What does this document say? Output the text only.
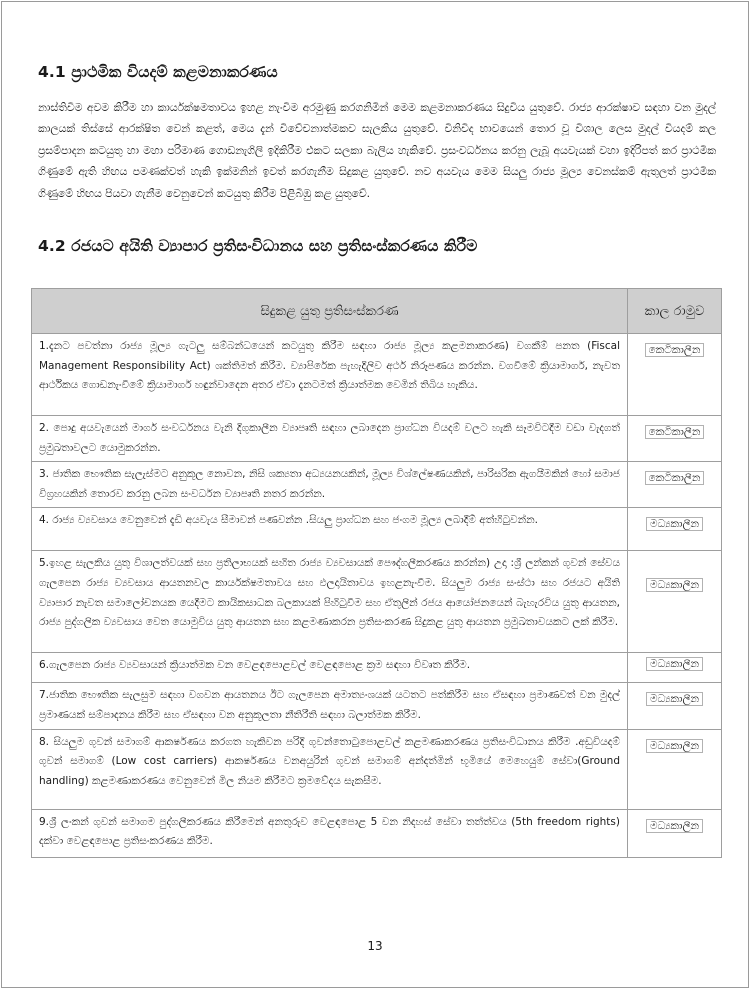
4.1 ප්‍රාථමික වියදම් කළමනාකරණය

නාස්තිවීම අවම කිරීම හා කාර්යක්ෂමතාවය ඉහළ නැංවීම අරමුණු කරගනිමින් මෙම කළමනාකරණය සිදුවිය යුතුවේ. රාජ්‍ය ආරක්ෂාව සඳහා වන මුදල් කාලයක් තිස්සේ ආරක්ෂිත වෙන් කළත්, මෙය දැන් විවේචනාත්මකව සැලකිය යුතුවේ. විනිවිද භාවයෙන් තොර වූ විශාල ලෙස මුදල් වියදම් කල ප්‍රසම්පාදන කටයුතු හා මහා පරිමාණ ගොඩනැගිලි ඉදිකිරීම එකට සලකා බැලිය හැකිවේ. ප්‍රසංවර්ධනය කරනු ලැබූ අයවැයක් වහා ඉදිරිපත් කර ප්‍රාථමික ගිණුමේ ඇති හිඟය පමණක්වත් හැකි ඉක්මනින් ඉවත් කරගැනීම සිදුකළ යුතුවේ. නව අයවැය මෙම සියලු රාජ්‍ය මූල්‍ය වෙනස්කම් ඇතුලත් ප්‍රාථමික ගිණුමේ හිඟය පියවා ගැනීම වෙනුවෙන් කටයුතු කිරීම පිළිබිඹු කළ යුතුවේ.

4.2 රජයට අයිති ව්‍යාපාර ප්‍රතිසංවිධානය සහ ප්‍රතිසංස්කරණය කිරීම
සිදුකළ යුතු ප්‍රතිසංස්කරණ	කාල රාමුව
1.දැනට පවත්නා රාජ්‍ය මූල්‍ය ගැටලු සම්බන්ධයෙන් කටයුතු කිරීම සඳහා රාජ්‍ය මූල්‍ය කළමනාකරණ) වගකීම් පනත (Fiscal Management Responsibility Act) ශක්තිමත් කිරීම. ව්‍යාපිරේක පැහැදිලිව අර්ථ නිරූපණය කරන්න. වගවීමේ ක්‍රියාමාර්ග, නැවත ආර්ථිකය ගොඩනැංවීමේ ක්‍රියාමාර්ග හඳුන්වාදෙන අතර ඒවා දැනටමත් ක්‍රියාත්මක වෙමින් තිබිය හැකිය.	කෙටිකාලීන
2. පොදු අයවැයෙන් මාර්ග සංවර්ධනය වැනි දිගුකාලීන ව්‍යාපෘති සඳහා ලබාදෙන ප්‍රාග්ධන වියදම් වලට හැකි සෑමවිටදීම වඩා වැදගත් ප්‍රමුඛතාවලට යොමුකරන්න.	කෙටිකාලීන
3. ජාතික භෞතික සැලැස්මට අනුකූල නොවන, නිසි ශක්‍යතා අධ්‍යයනයකින්, මූල්‍ය විශ්ලේෂණයකින්, පාරිසරික ඇගයීමකින් හෝ සමාජ විග්‍රහයකින් තොරව කරනු ලබන සංවර්ධන ව්‍යාපෘති නතර කරන්න.	කෙටිකාලීන
4. රාජ්‍ය ව්‍යවසාය වෙනුවෙන් දැඩි අයවැය සීමාවන් පණවන්න .සියලු ප්‍රාග්ධන සහ ජංගම මූල්‍ය ලබාදීම් අත්හිටුවන්න.	මධ්‍යකාලීන
5.ඉහළ සැලකිය යුතු විශාලත්වයක් සහ ප්‍රතිලාභයක් සහිත රාජ්‍ය ව්‍යවසායක් පෞද්ගලීකරණය කරන්න) උදා :ශ්‍රී ලන්කන් ගුවන් සේවය ගැලපෙන රාජ්‍ය ව්‍යවසාය ආයතනවල කාර්යක්ෂමතාවය සහ ඵලදායිතාවය ඉහළනැංවීම. සියලුම රාජ්‍ය සංස්ථා සහ රජයට අයිති ව්‍යාපාර නැවත සමාලෝචනයක යෙදීමට කායිකසාධක බලකායක් පිහිටුවීම සහ ඒතුලින් රජය ආයෝජනයෙන් බැහැරවිය යුතු ආයතන, රාජ්‍ය පුද්ගලික ව්‍යවසාය වෙත යොමුවිය යුතු ආයතන සහ කළමණාකරන ප්‍රතිසංකරණ සිදුකළ යුතු ආයතන ප්‍රමුඛතාවයකට ලක් කිරීම.	මධ්‍යකාලීන
6.ගැලපෙන රාජ්‍ය ව්‍යවසායන් ක්‍රියාත්මක වන වෙළඳපොළවල් වෙළඳපොළ ක්‍රම සඳහා විවෘත කිරීම.	මධ්‍යකාලීන
7.ජාතික භෞතික සැලසුම සඳහා වගවන ආයතනය ඊට ගැලපෙන අමාත්‍යංශයක් යටතට පත්කිරීම සහ ඒසඳහා ප්‍රමාණවත් වන මුදල් ප්‍රමාණයක් සම්පාදනය කිරීම සහ ඒසඳහා වන අනුකූලතා නීතිරීති සඳහා බලාත්මක කිරීම.	මධ්‍යකාලීන
8. සියලුම ගුවන් සමාගම් ආකර්ෂණය කරගත හැකිවන පරිදි ගුවන්තොටුපොළවල් කළමණාකරණය ප්‍රතිසංවිධානය කිරීම .අඩුවියදම් ගුවන් සමාගම් (Low cost carriers) ආකර්ෂණය වනඅයුරින් ගුවන් සමාගම් අන්දත්මින් භූමියේ මෙහෙයුම් සේවා(Ground handling) කළමණාකරණය වෙනුවෙන් මිල නියම කිරීමට ක්‍රමවේදය සැකසීම.	මධ්‍යකාලීන
9.ශ්‍රී ලංකන් ගුවන් සමාගම පුද්ගලීකරණය කිරීමෙන් අනතුරුව වෙළඳපොළ 5 වන නිදහස් සේවා තත්ත්වය (5th freedom rights) දක්වා වෙළඳපොළ ප්‍රතිසංකරණය කිරීම.	මධ්‍යකාලීන
13
